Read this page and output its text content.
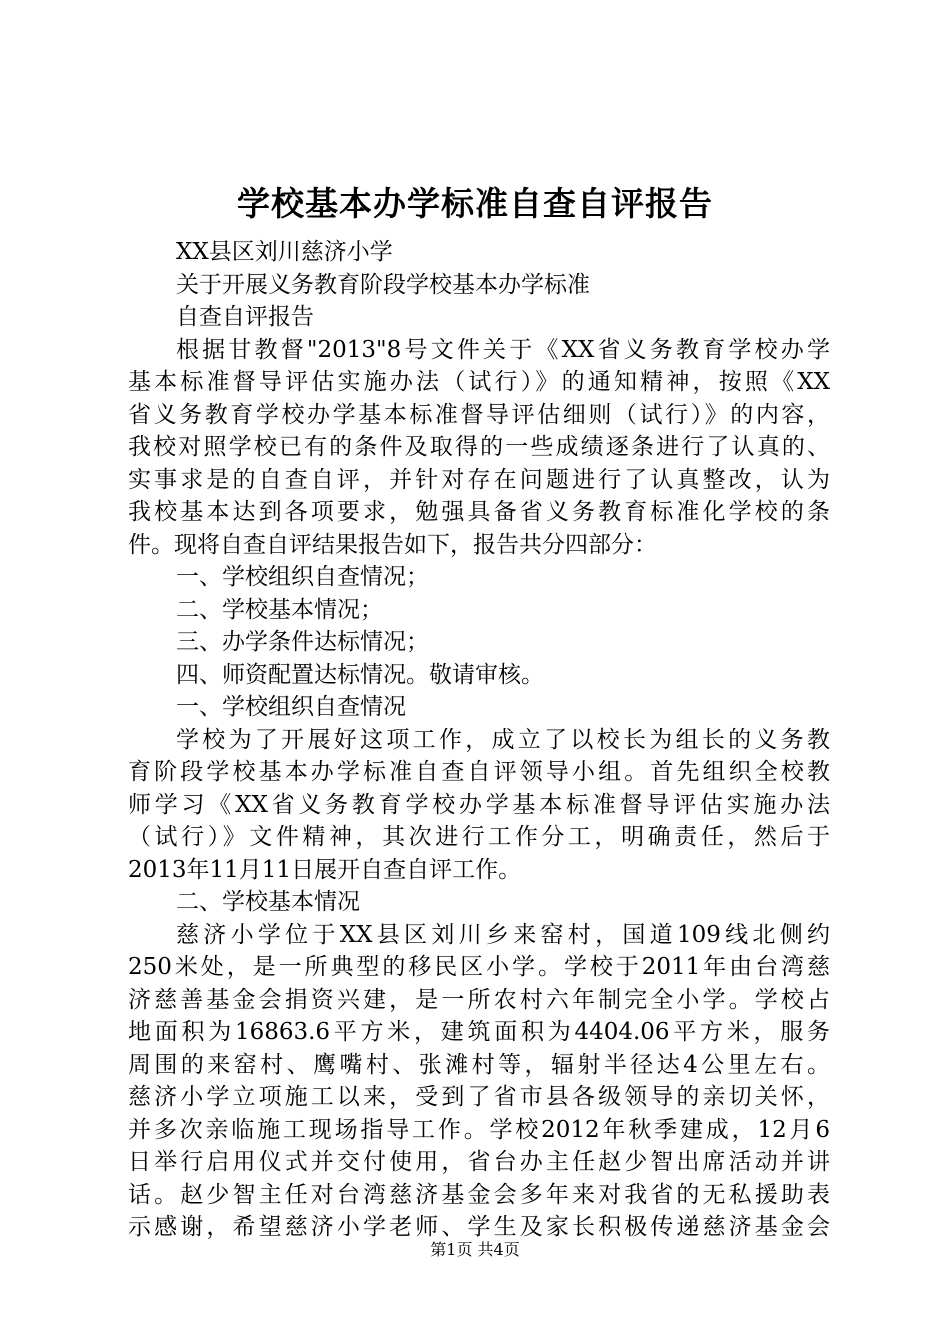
学校基本办学标准自查自评报告

XX县区刘川慈济小学

关于开展义务教育阶段学校基本办学标准

自查自评报告

根据甘教督"2013"8号文件关于《XX省义务教育学校办学

基本标准督导评估实施办法（试行）》的通知精神，按照《XX

省义务教育学校办学基本标准督导评估细则（试行）》的内容，

我校对照学校已有的条件及取得的一些成绩逐条进行了认真的、

实事求是的自查自评，并针对存在问题进行了认真整改，认为

我校基本达到各项要求，勉强具备省义务教育标准化学校的条

件。现将自查自评结果报告如下，报告共分四部分：

一、学校组织自查情况；

二、学校基本情况；

三、办学条件达标情况；

四、师资配置达标情况。敬请审核。

一、学校组织自查情况

学校为了开展好这项工作，成立了以校长为组长的义务教

育阶段学校基本办学标准自查自评领导小组。首先组织全校教

师学习《XX省义务教育学校办学基本标准督导评估实施办法

（试行）》文件精神，其次进行工作分工，明确责任，然后于

2013年11月11日展开自查自评工作。

二、学校基本情况

慈济小学位于XX县区刘川乡来窑村，国道109线北侧约

250米处，是一所典型的移民区小学。学校于2011年由台湾慈

济慈善基金会捐资兴建，是一所农村六年制完全小学。学校占

地面积为16863.6平方米，建筑面积为4404.06平方米，服务

周围的来窑村、鹰嘴村、张滩村等，辐射半径达4公里左右。

慈济小学立项施工以来，受到了省市县各级领导的亲切关怀，

并多次亲临施工现场指导工作。学校2012年秋季建成，12月6

日举行启用仪式并交付使用，省台办主任赵少智出席活动并讲

话。赵少智主任对台湾慈济基金会多年来对我省的无私援助表

示感谢，希望慈济小学老师、学生及家长积极传递慈济基金会

第1页 共4页
